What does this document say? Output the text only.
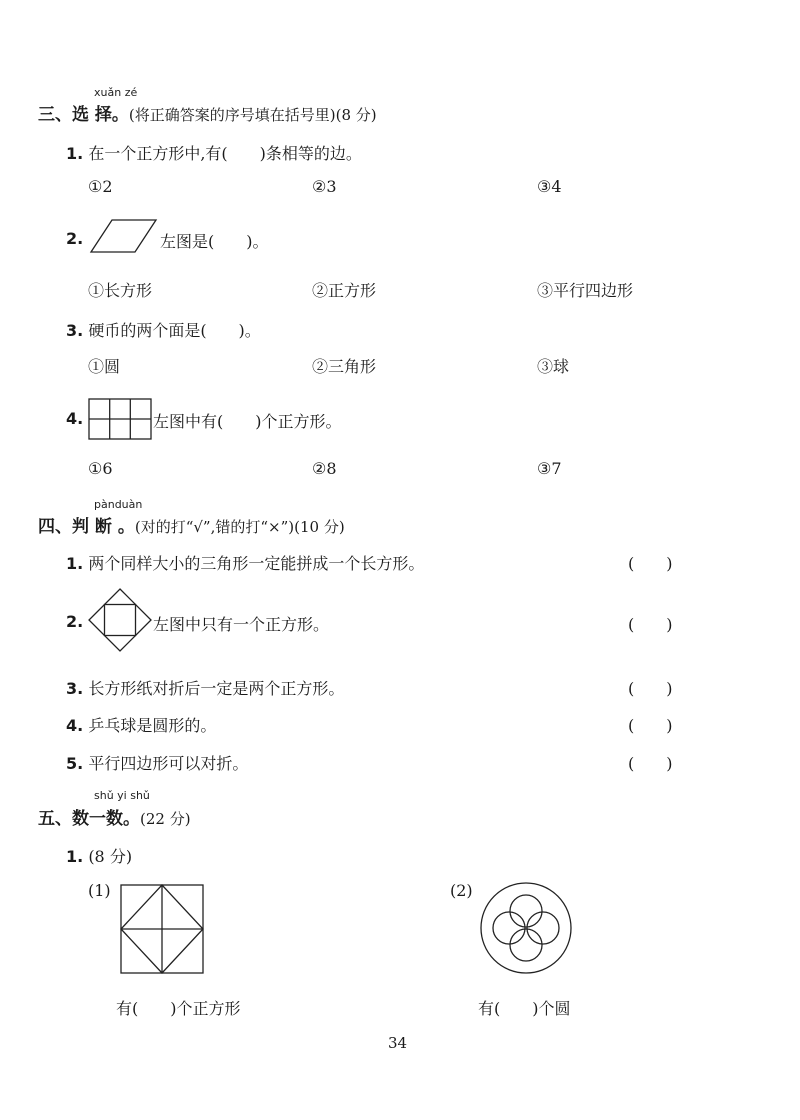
xuǎn zé
三、选 择。(将正确答案的序号填在括号里)(8 分)
1. 在一个正方形中,有(　　)条相等的边。
①2	②3	③4
2.	左图是(　　)。
①长方形	②正方形	③平行四边形
3. 硬币的两个面是(　　)。
①圆	②三角形	③球
4.	左图中有(　　)个正方形。
①6	②8	③7
pànduàn
四、判 断 。(对的打“√”,错的打“×”)(10 分)
1. 两个同样大小的三角形一定能拼成一个长方形。	(　　)
2.	左图中只有一个正方形。	(　　)
3. 长方形纸对折后一定是两个正方形。	(　　)
4. 乒乓球是圆形的。	(　　)
5. 平行四边形可以对折。	(　　)
shǔ yi shǔ
五、数一数。(22 分)
1. (8 分)
(1)
有(　　)个正方形
(2)
有(　　)个圆
34
